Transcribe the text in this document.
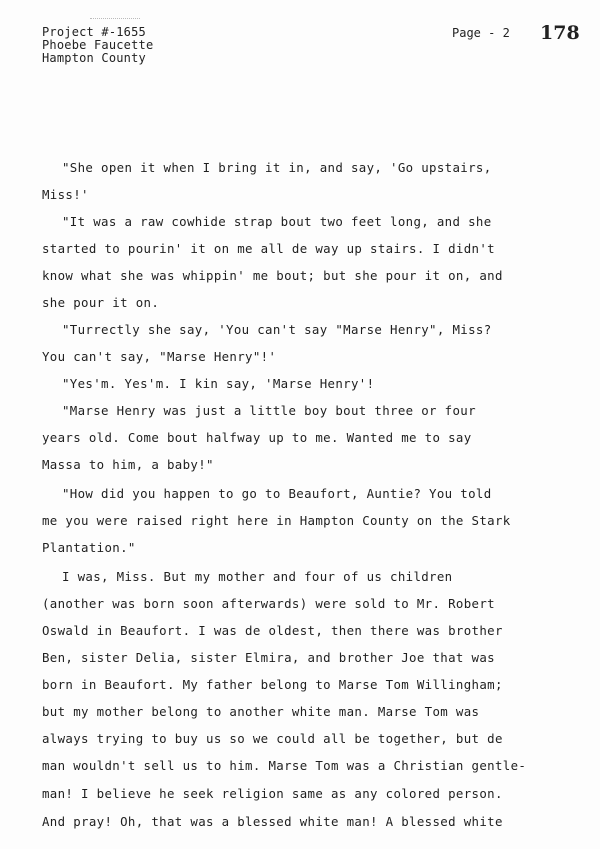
Project #-1655
Phoebe Faucette
Hampton County
Page - 2 178
"She open it when I bring it in, and say, 'Go upstairs,
Miss!'
"It was a raw cowhide strap bout two feet long, and she
started to pourin' it on me all de way up stairs. I didn't
know what she was whippin' me bout; but she pour it on, and
she pour it on.
"Turrectly she say, 'You can't say "Marse Henry", Miss?
You can't say, "Marse Henry"!'
"Yes'm. Yes'm. I kin say, 'Marse Henry'!
"Marse Henry was just a little boy bout three or four
years old. Come bout halfway up to me. Wanted me to say
Massa to him, a baby!"
"How did you happen to go to Beaufort, Auntie? You told
me you were raised right here in Hampton County on the Stark
Plantation."
I was, Miss. But my mother and four of us children
(another was born soon afterwards) were sold to Mr. Robert
Oswald in Beaufort. I was de oldest, then there was brother
Ben, sister Delia, sister Elmira, and brother Joe that was
born in Beaufort. My father belong to Marse Tom Willingham;
but my mother belong to another white man. Marse Tom was
always trying to buy us so we could all be together, but de
man wouldn't sell us to him. Marse Tom was a Christian gentle-
man! I believe he seek religion same as any colored person.
And pray! Oh, that was a blessed white man! A blessed white
